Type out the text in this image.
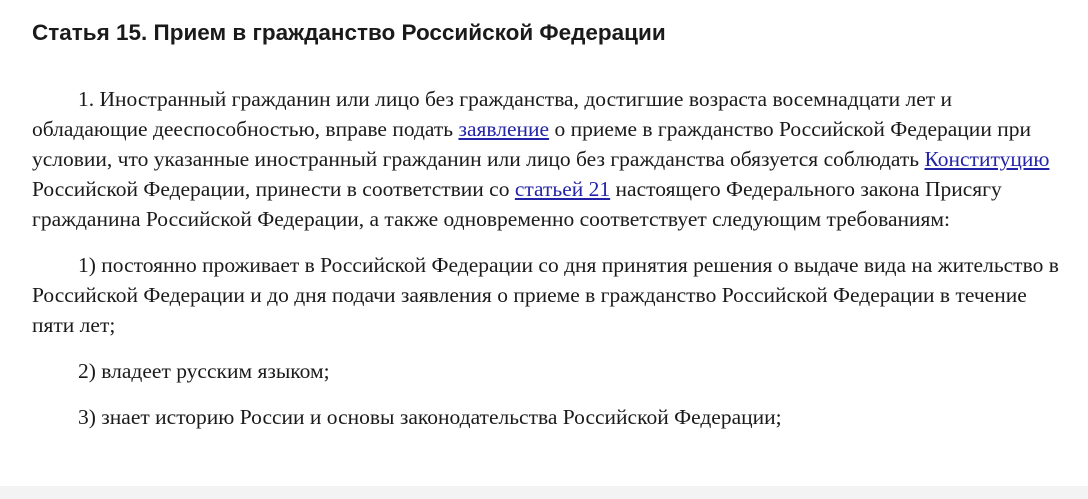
Статья 15. Прием в гражданство Российской Федерации

1. Иностранный гражданин или лицо без гражданства, достигшие возраста восемнадцати лет и обладающие дееспособностью, вправе подать заявление о приеме в гражданство Российской Федерации при условии, что указанные иностранный гражданин или лицо без гражданства обязуется соблюдать Конституцию Российской Федерации, принести в соответствии со статьей 21 настоящего Федерального закона Присягу гражданина Российской Федерации, а также одновременно соответствует следующим требованиям:

1) постоянно проживает в Российской Федерации со дня принятия решения о выдаче вида на жительство в Российской Федерации и до дня подачи заявления о приеме в гражданство Российской Федерации в течение пяти лет;

2) владеет русским языком;

3) знает историю России и основы законодательства Российской Федерации;
